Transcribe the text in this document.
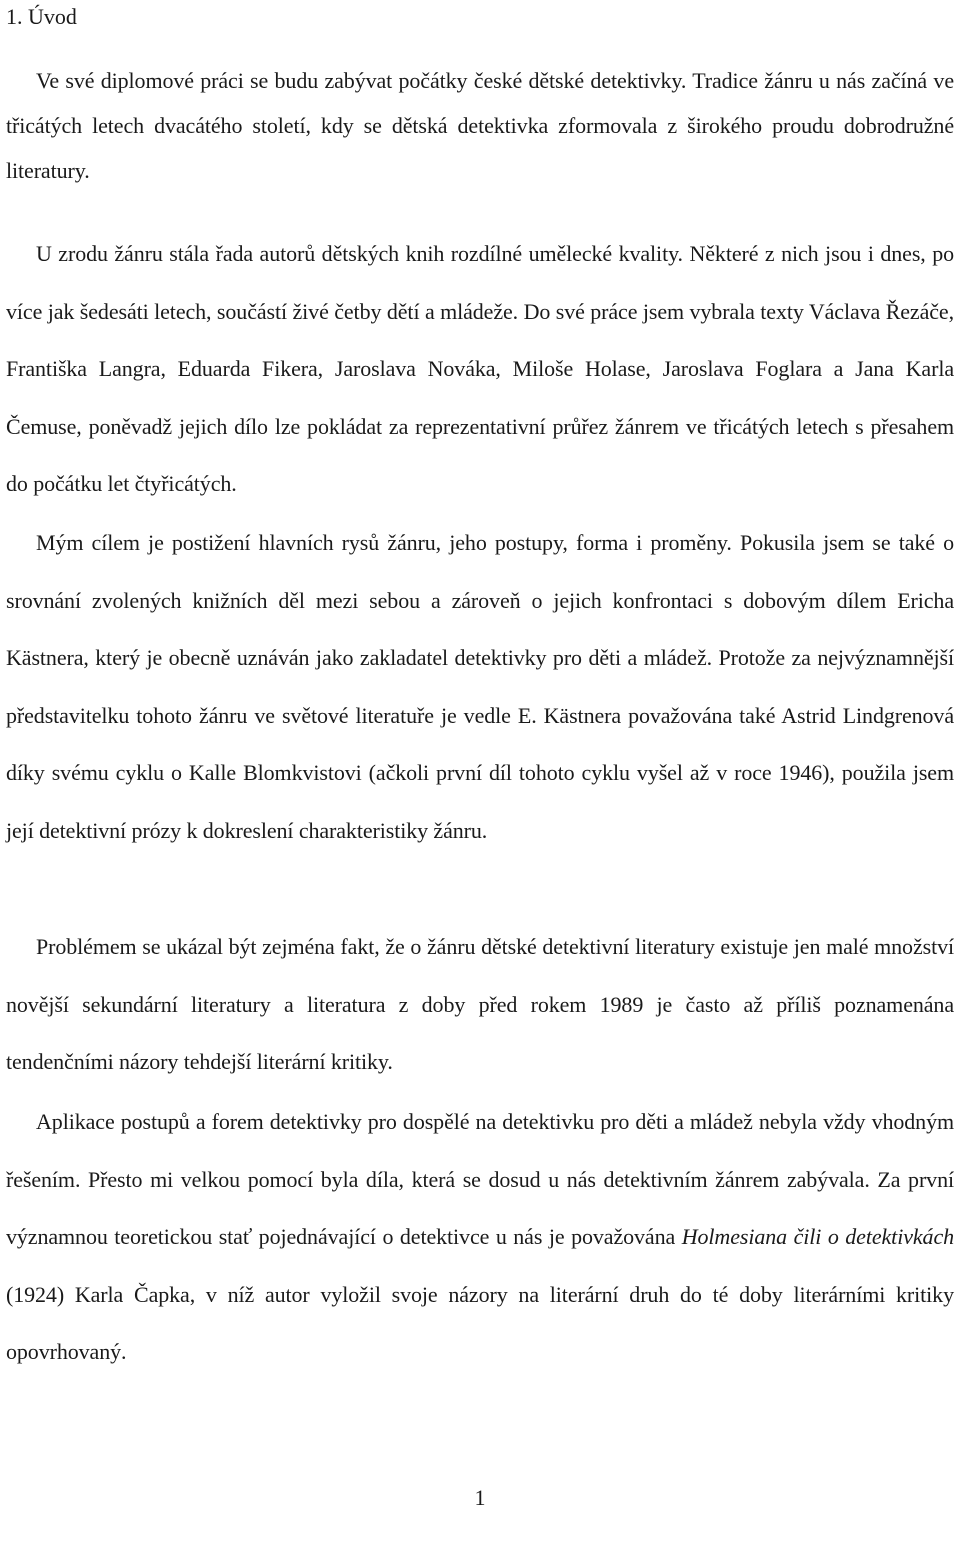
1. Úvod

Ve své diplomové práci se budu zabývat počátky české dětské detektivky. Tradice žánru u nás začíná ve třicátých letech dvacátého století, kdy se dětská detektivka zformovala z širokého proudu dobrodružné literatury.

U zrodu žánru stála řada autorů dětských knih rozdílné umělecké kvality. Některé z nich jsou i dnes, po více jak šedesáti letech, součástí živé četby dětí a mládeže. Do své práce jsem vybrala texty Václava Řezáče, Františka Langra, Eduarda Fikera, Jaroslava Nováka, Miloše Holase, Jaroslava Foglara a Jana Karla Čemuse, poněvadž jejich dílo lze pokládat za reprezentativní průřez žánrem ve třicátých letech s přesahem do počátku let čtyřicátých.

Mým cílem je postižení hlavních rysů žánru, jeho postupy, forma i proměny. Pokusila jsem se také o srovnání zvolených knižních děl mezi sebou a zároveň o jejich konfrontaci s dobovým dílem Ericha Kästnera, který je obecně uznáván jako zakladatel detektivky pro děti a mládež. Protože za nejvýznamnější představitelku tohoto žánru ve světové literatuře je vedle E. Kästnera považována také Astrid Lindgrenová díky svému cyklu o Kalle Blomkvistovi (ačkoli první díl tohoto cyklu vyšel až v roce 1946), použila jsem její detektivní prózy k dokreslení charakteristiky žánru.

Problémem se ukázal být zejména fakt, že o žánru dětské detektivní literatury existuje jen malé množství novější sekundární literatury a literatura z doby před rokem 1989 je často až příliš poznamenána tendenčními názory tehdejší literární kritiky.

Aplikace postupů a forem detektivky pro dospělé na detektivku pro děti a mládež nebyla vždy vhodným řešením. Přesto mi velkou pomocí byla díla, která se dosud u nás detektivním žánrem zabývala. Za první významnou teoretickou stať pojednávající o detektivce u nás je považována Holmesiana čili o detektivkách (1924) Karla Čapka, v níž autor vyložil svoje názory na literární druh do té doby literárními kritiky opovrhovaný.

1
